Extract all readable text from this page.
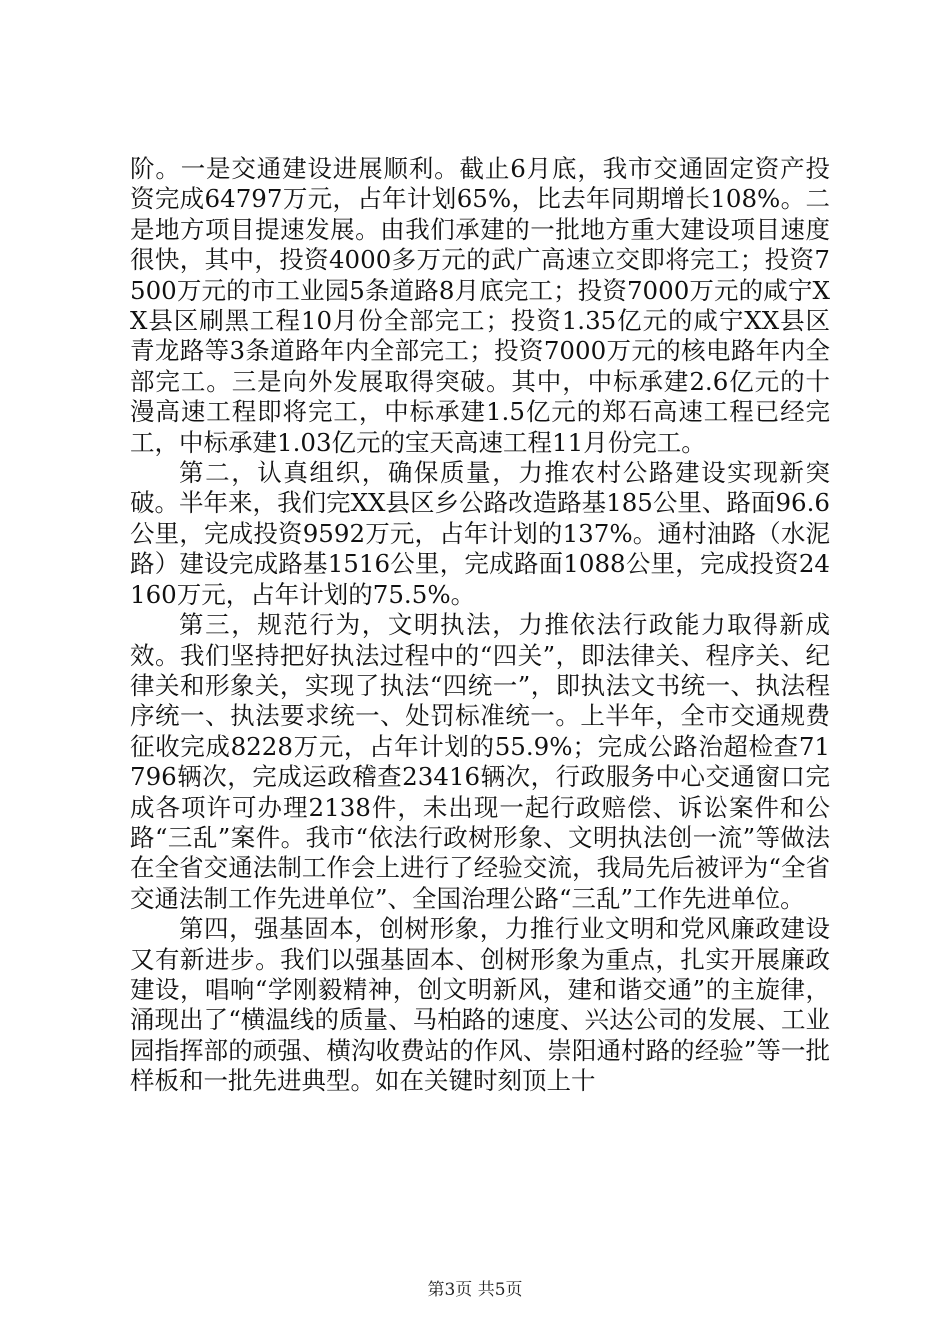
阶。一是交通建设进展顺利。截止6月底，我市交通固定资产投资完成64797万元，占年计划65%，比去年同期增长108%。二是地方项目提速发展。由我们承建的一批地方重大建设项目速度很快，其中，投资4000多万元的武广高速立交即将完工；投资7500万元的市工业园5条道路8月底完工；投资7000万元的咸宁XX县区刷黑工程10月份全部完工；投资1.35亿元的咸宁XX县区青龙路等3条道路年内全部完工；投资7000万元的核电路年内全部完工。三是向外发展取得突破。其中，中标承建2.6亿元的十漫高速工程即将完工，中标承建1.5亿元的郑石高速工程已经完工，中标承建1.03亿元的宝天高速工程11月份完工。

第二，认真组织，确保质量，力推农村公路建设实现新突破。半年来，我们完XX县区乡公路改造路基185公里、路面96.6公里，完成投资9592万元，占年计划的137%。通村油路（水泥路）建设完成路基1516公里，完成路面1088公里，完成投资24160万元，占年计划的75.5%。

第三，规范行为，文明执法，力推依法行政能力取得新成效。我们坚持把好执法过程中的“四关”，即法律关、程序关、纪律关和形象关，实现了执法“四统一”，即执法文书统一、执法程序统一、执法要求统一、处罚标准统一。上半年，全市交通规费征收完成8228万元，占年计划的55.9%；完成公路治超检查71796辆次，完成运政稽查23416辆次，行政服务中心交通窗口完成各项许可办理2138件，未出现一起行政赔偿、诉讼案件和公路“三乱”案件。我市“依法行政树形象、文明执法创一流”等做法在全省交通法制工作会上进行了经验交流，我局先后被评为“全省交通法制工作先进单位”、全国治理公路“三乱”工作先进单位。

第四，强基固本，创树形象，力推行业文明和党风廉政建设又有新进步。我们以强基固本、创树形象为重点，扎实开展廉政建设，唱响“学刚毅精神，创文明新风，建和谐交通”的主旋律，涌现出了“横温线的质量、马柏路的速度、兴达公司的发展、工业园指挥部的顽强、横沟收费站的作风、崇阳通村路的经验”等一批样板和一批先进典型。如在关键时刻顶上十

第3页 共5页
